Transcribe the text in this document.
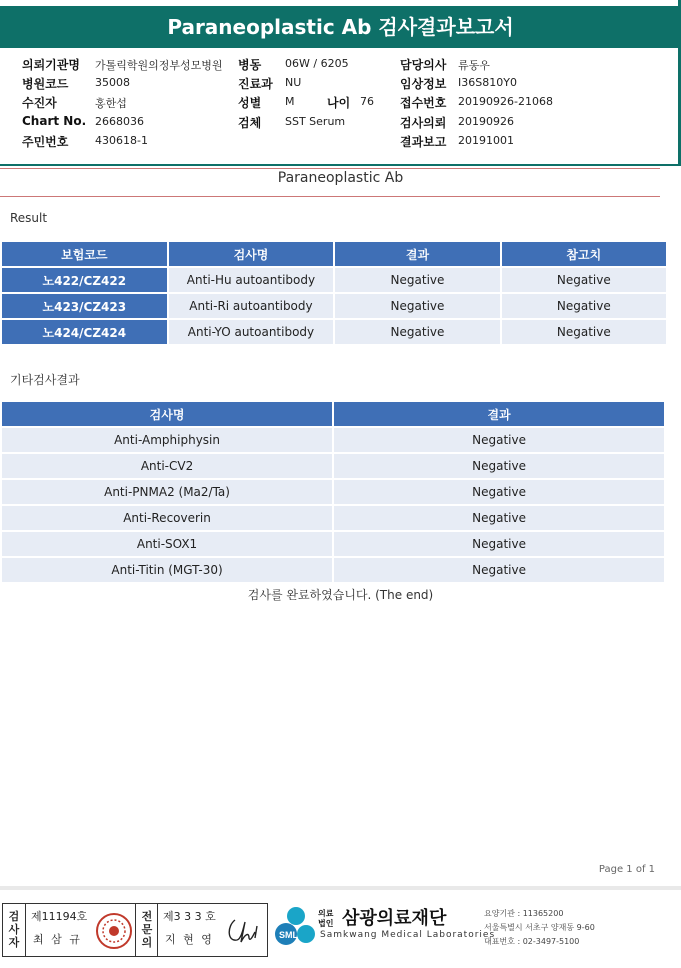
Paraneoplastic Ab 검사결과보고서
의뢰기관명 가톨릭학원의정부성모병원
병원코드 35008
수진자	홍한섭
Chart No. 2668036
주민번호 430618-1
병동 06W / 6205
진료과 NU
성별 M	나이 76
검체 SST Serum
담당의사 류동우
임상정보 I36S810Y0
접수번호 20190926-21068
검사의뢰 20190926
결과보고 20191001
Paraneoplastic Ab
Result
보험코드	검사명	결과	참고치
노422/CZ422	Anti-Hu autoantibody	Negative	Negative
노423/CZ423	Anti-Ri autoantibody	Negative	Negative
노424/CZ424	Anti-YO autoantibody	Negative	Negative
기타검사결과
검사명	결과
Anti-Amphiphysin	Negative
Anti-CV2	Negative
Anti-PNMA2 (Ma2/Ta)	Negative
Anti-Recoverin	Negative
Anti-SOX1	Negative
Anti-Titin (MGT-30)	Negative
검사를 완료하였습니다. (The end)
Page 1 of 1
검
사
자
제11194호
최 삼 규
전
문
의
제3 3 3 호
지 현 영	SML
의료
법인 삼광의료재단
Samkwang Medical Laboratories
요양기관 : 11365200
서울특별시 서초구 양재동 9-60
대표번호 : 02-3497-5100
